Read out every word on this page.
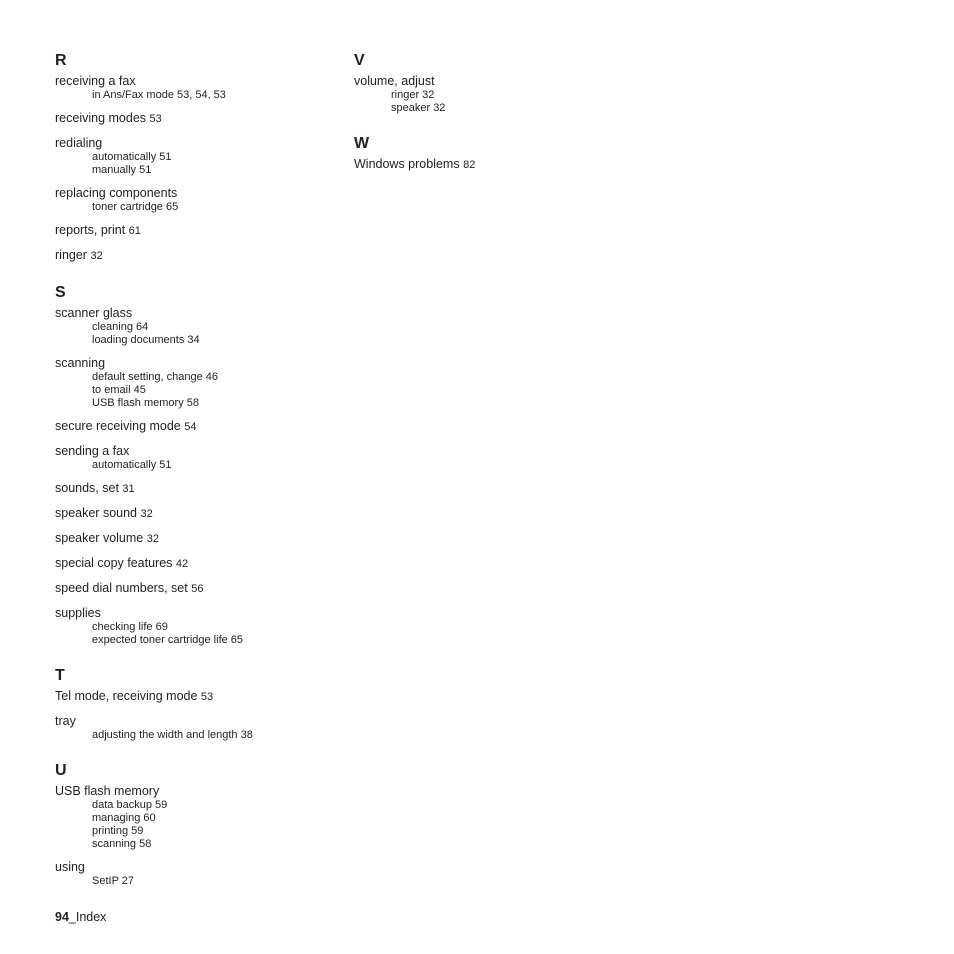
R
receiving a fax
in Ans/Fax mode 53, 54, 53
receiving modes 53
redialing
automatically 51
manually 51
replacing components
toner cartridge 65
reports, print 61
ringer 32
S
scanner glass
cleaning 64
loading documents 34
scanning
default setting, change 46
to email 45
USB flash memory 58
secure receiving mode 54
sending a fax
automatically 51
sounds, set 31
speaker sound 32
speaker volume 32
special copy features 42
speed dial numbers, set 56
supplies
checking life 69
expected toner cartridge life 65
T
Tel mode, receiving mode 53
tray
adjusting the width and length 38
U
USB flash memory
data backup 59
managing 60
printing 59
scanning 58
using
SetIP 27
V
volume, adjust
ringer 32
speaker 32
W
Windows problems 82
94_Index
